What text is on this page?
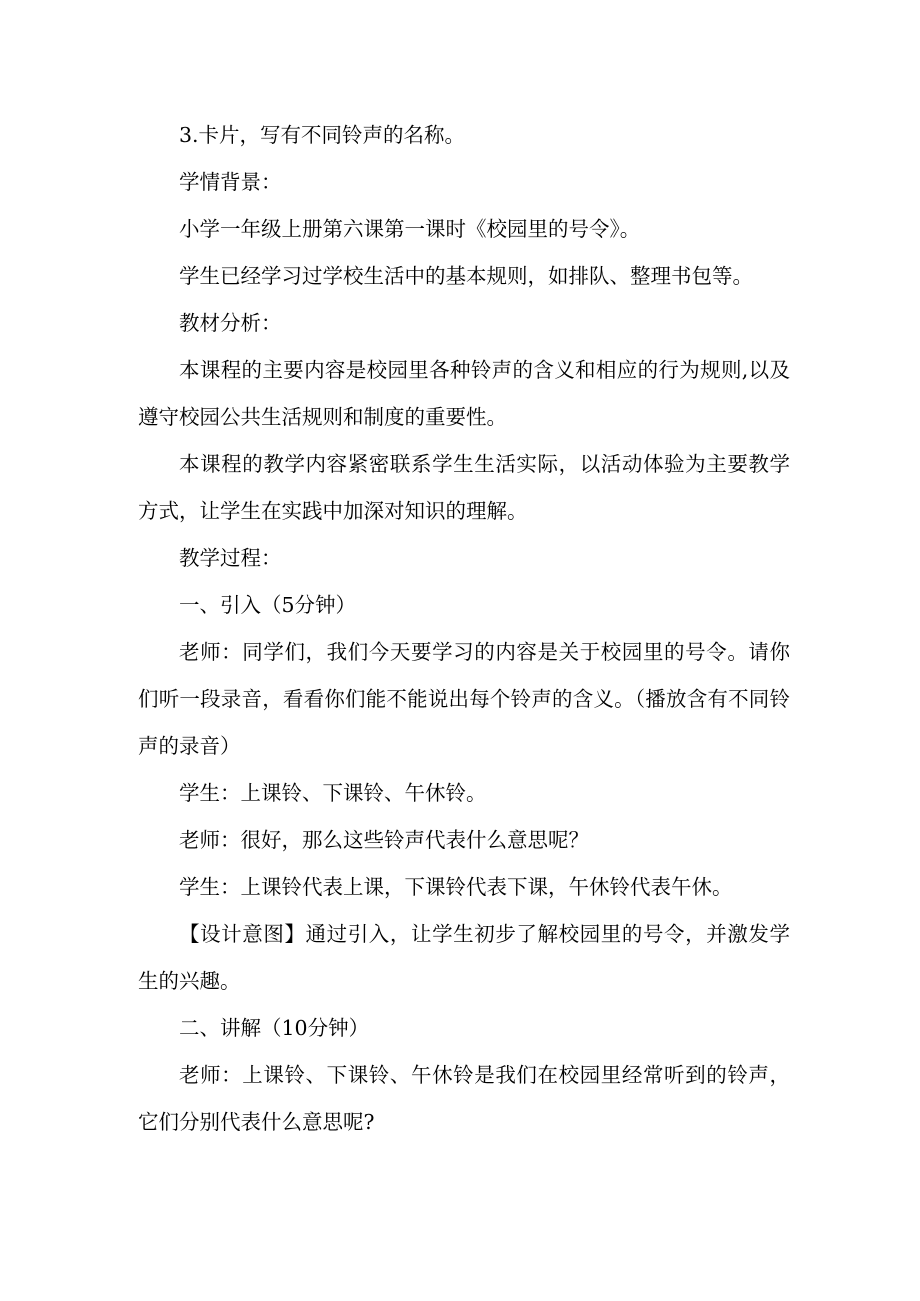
3.卡片，写有不同铃声的名称。

学情背景：

小学一年级上册第六课第一课时《校园里的号令》。

学生已经学习过学校生活中的基本规则，如排队、整理书包等。

教材分析：

本课程的主要内容是校园里各种铃声的含义和相应的行为规则,以及遵守校园公共生活规则和制度的重要性。

本课程的教学内容紧密联系学生生活实际，以活动体验为主要教学方式，让学生在实践中加深对知识的理解。

教学过程：

一、引入（5分钟）

老师：同学们，我们今天要学习的内容是关于校园里的号令。请你们听一段录音，看看你们能不能说出每个铃声的含义。（播放含有不同铃声的录音）

学生：上课铃、下课铃、午休铃。

老师：很好，那么这些铃声代表什么意思呢？

学生：上课铃代表上课，下课铃代表下课，午休铃代表午休。

【设计意图】通过引入，让学生初步了解校园里的号令，并激发学生的兴趣。

二、讲解（10分钟）

老师：上课铃、下课铃、午休铃是我们在校园里经常听到的铃声，它们分别代表什么意思呢?
